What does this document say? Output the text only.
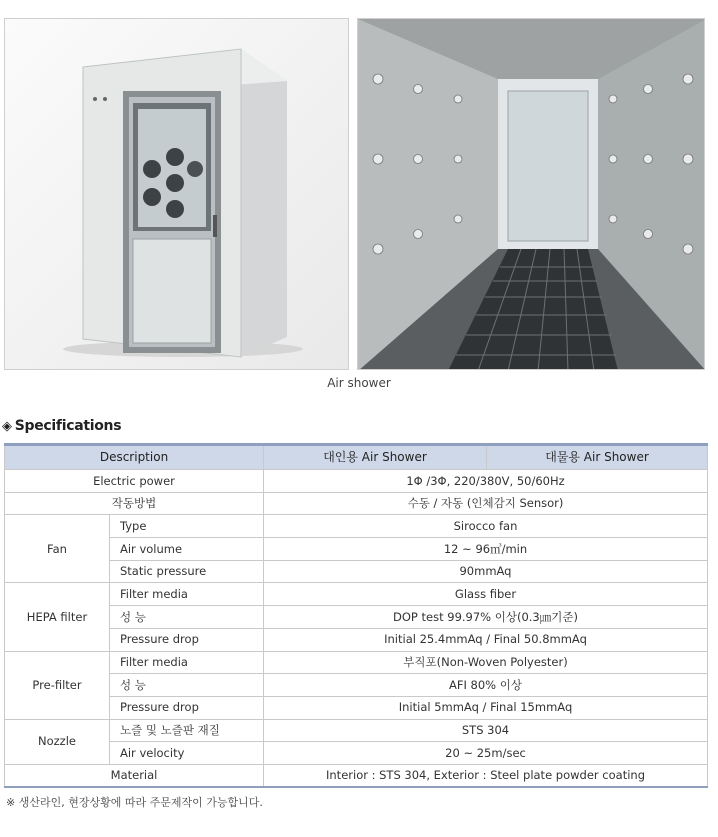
Air shower
◈ Specifications
Description		대인용 Air Shower	대물용 Air Shower
Electric power		1Φ /3Φ, 220/380V, 50/60Hz	
작동방법		수동 / 자동 (인체감지 Sensor)	
Fan	Type	Sirocco fan	
	Air volume	12 ~ 96㎥/min	
	Static pressure	90mmAq	
HEPA filter	Filter media	Glass fiber	
	성 능	DOP test 99.97% 이상(0.3㎛기준)	
	Pressure drop	Initial 25.4mmAq / Final 50.8mmAq	
Pre-filter	Filter media	부직포(Non-Woven Polyester)	
	성 능	AFI 80% 이상	
	Pressure drop	Initial 5mmAq / Final 15mmAq	
Nozzle	노즐 및 노즐판 재질	STS 304	
	Air velocity	20 ~ 25m/sec	
Material		Interior : STS 304, Exterior : Steel plate powder coating	
※ 생산라인, 현장상황에 따라 주문제작이 가능합니다.
